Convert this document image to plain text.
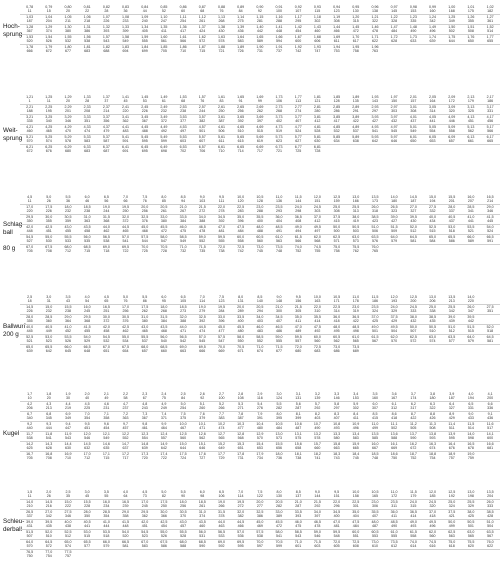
Hoch-
sprung
0,78	0,79	0,80	0,81	0,82	0,83	0,84	0,85	0,86	0,87	0,88	0,89	0,90	0,91	0,92	0,93	0,94	0,95	0,96	0,97	0,98	0,99	1,00	1,01	1,02
11	15	20	22	28	36	44	52	60	68	76	84	92	100	107	115	123	130	138	145	153	160	168	175	182
1,03	1,04	1,05	1,06	1,07	1,08	1,09	1,10	1,11	1,12	1,13	1,14	1,15	1,16	1,17	1,18	1,19	1,20	1,21	1,22	1,23	1,24	1,25	1,26	1,27
187	204	211	218	226	233	240	247	254	261	268	275	281	288	295	302	308	315	322	328	335	342	349	355	361
1,28	1,29	1,30	1,31	1,32	1,33	1,34	1,35	1,36	1,37	1,38	1,39	1,40	1,41	1,42	1,43	1,44	1,45	1,46	1,47	1,48	1,49	1,50	1,51	1,52
367	374	380	386	393	399	405	411	417	424	430	436	442	448	454	460	466	472	478	484	490	496	502	508	514
1,53	1,54	1,55	1,56	1,57	1,58	1,59	1,60	1,61	1,62	1,63	1,64	1,65	1,66	1,67	1,68	1,69	1,70	1,71	1,72	1,73	1,74	1,75	1,76	1,77
520	526	532	538	543	549	555	561	566	572	578	583	589	594	600	606	611	617	622	628	633	639	644	650	655
1,78	1,79	1,80	1,81	1,82	1,83	1,84	1,85	1,86	1,87	1,88	1,89	1,90	1,91	1,92	1,93	1,94	1,95	1,96
666	672	677	683	688	694	699	705	710	715	721	726	731	737	742	747	753	758	763
Weit-
sprung
1,21	1,25	1,29	1,33	1,37	1,41	1,45	1,49	1,53	1,57	1,61	1,65	1,69	1,73	1,77	1,81	1,85	1,89	1,93	1,97	2,01	2,05	2,09	2,13	2,17
1	11	20	28	37	45	53	61	68	76	83	91	99	106	113	121	128	135	143	150	157	164	172	179	186
2,21	2,25	2,29	2,33	2,37	2,41	2,45	2,49	2,53	2,57	2,61	2,65	2,69	2,73	2,77	2,81	2,85	2,89	2,93	2,97	3,01	3,05	3,09	3,13	3,17
188	195	201	208	214	220	226	232	238	244	250	256	262	268	274	280	286	291	297	303	308	314	320	325	331
3,21	3,25	3,29	3,33	3,37	3,41	3,45	3,49	3,53	3,57	3,61	3,65	3,69	3,73	3,77	3,81	3,85	3,89	3,93	3,97	4,01	4,05	4,09	4,13	4,17
335	340	346	351	356	362	367	372	377	382	387	392	397	402	407	412	417	422	427	432	437	441	446	451	456
4,21	4,25	4,29	4,33	4,37	4,41	4,45	4,49	4,53	4,57	4,61	4,65	4,69	4,73	4,77	4,81	4,85	4,89	4,93	4,97	5,01	5,05	5,09	5,13	5,17
460	465	470	474	479	483	488	492	497	501	506	510	515	519	524	528	532	537	541	545	549	554	558	562	566
5,21	5,25	5,29	5,33	5,37	5,41	5,45	5,49	5,53	5,57	5,61	5,65	5,69	5,73	5,77	5,81	5,85	5,89	5,93	5,97	6,01	6,05	6,09	6,13	6,17
570	574	578	583	587	591	595	599	603	607	611	615	619	623	627	630	634	638	642	646	650	653	657	661	665
6,21	6,25	6,29	6,33	6,37	6,41	6,45	6,49	6,53	6,57	6,61	6,65	6,69	6,73	6,77	6,81
672	676	680	683	687	691	695	698	702	706	710	714	717	721	725	728
Schlag-
ball

80 g
4,5	5,0	5,5	6,0	6,5	7,0	7,5	8,0	8,5	9,0	9,5	10,0	10,5	11,0	11,5	12,0	12,5	13,0	13,5	14,0	14,5	15,0	15,5	16,0	16,5
11	26	36	46	56	66	76	85	94	103	111	120	128	136	144	151	159	166	173	180	187	194	201	207	214
17,0	17,5	18,0	18,5	19,0	19,5	20,0	20,5	21,0	21,5	22,0	22,5	23,0	23,5	24,0	24,5	25,0	25,5	26,0	26,5	27,0	27,5	28,0	28,5	29,0
220	226	232	238	244	250	256	261	267	272	278	283	288	293	298	303	308	313	318	323	327	332	337	341	346
29,5	30,0	30,5	31,0	31,5	32,0	32,5	33,0	33,5	34,0	34,5	35,0	35,5	36,0	36,5	37,0	37,5	38,0	38,5	39,0	39,5	40,0	40,5	41,0	41,5
350	355	359	363	368	372	376	380	384	388	392	396	400	404	408	412	415	419	423	427	430	434	437	441	445
42,0	42,5	43,0	43,5	44,0	44,5	45,0	45,5	46,0	46,5	47,0	47,5	48,0	48,5	49,0	49,5	50,0	50,5	51,0	51,5	52,0	52,5	53,0	53,5	54,0
448	451	455	458	462	465	468	472	475	478	481	484	488	491	494	497	500	503	506	509	512	515	518	521	524
54,5	55,0	55,5	56,0	56,5	57,0	57,5	58,0	58,5	59,0	59,5	60,0	60,5	61,0	61,5	62,0	62,5	63,0	63,5	64,0	64,5	65,0	65,5	66,0	66,5
527	530	533	535	538	541	544	547	549	552	555	558	560	563	566	568	571	573	576	579	581	584	586	589	591
67,0	67,5	68,0	68,5	69,0	69,5	70,0	70,5	71,0	71,5	72,0	72,5	73,0	73,5	74,0	74,5	75,0	75,5	76,0
705	708	712	715	718	722	725	728	732	735	738	742	745	748	752	755	758	762	765
Ballwurf
200 g
2,5	3,0	3,5	4,0	4,5	5,0	5,5	6,0	6,5	7,0	7,5	8,0	8,5	9,0	9,5	10,0	10,5	11,0	11,5	12,0	12,5	13,0	13,5	14,0
18	31	43	54	65	76	86	95	105	114	123	131	140	148	156	163	171	178	186	193	200	206	213	220
14,5	15,0	15,5	16,0	16,5	17,0	17,5	18,0	18,5	19,0	19,5	20,0	20,5	21,0	21,5	22,0	22,5	23,0	23,5	24,0	24,5	25,0	25,5	26,0	27,5
226	232	238	245	251	256	262	268	273	279	284	289	294	300	305	310	314	319	324	329	333	338	342	347	351
28,0	28,5	29,0	29,5	30,0	30,5	31,0	31,5	32,0	32,5	33,0	33,5	34,0	34,5	35,0	35,5	36,0	36,5	37,0	37,5	38,0	38,5	39,0	39,5
355	360	364	368	372	376	380	384	388	392	396	400	403	407	411	414	418	422	425	429	432	435	439	442
40,0	40,5	41,0	41,5	42,0	42,5	43,0	43,5	44,0	44,5	45,0	45,5	46,0	46,5	47,0	47,5	48,0	48,5	49,0	49,5	50,0	50,5	51,0	51,5	52,0
445	449	452	455	458	462	465	468	471	474	477	480	483	486	489	492	495	498	501	504	507	510	512	515	518
52,5	53,0	53,5	54,0	54,5	55,0	55,5	56,0	56,5	57,0	57,5	58,0	58,5	59,0	59,5	60,0	60,5	61,0	61,5	62,0	62,5	63,0	63,5	64,0	64,5
521	523	526	529	532	534	537	540	542	545	547	550	552	555	557	560	562	565	567	570	572	574	577	579	581
65,0	65,5	66,0	66,5	67,0	67,5	68,0	68,5	69,0	69,5	70,0	70,5	71,0	71,5	72,0	72,5	73,0	73,5
639	642	645	648	651	654	657	660	663	666	669	671	674	677	680	683	686	689
Kugel
1,7	1,8	1,9	2,0	2,1	2,2	2,3	2,4	2,5	2,6	2,7	2,8	2,9	3,0	3,1	3,2	3,3	3,4	3,5	3,6	3,7	3,8	3,9	4,0	4,1
10	20	30	40	49	58	67	75	84	92	100	108	116	124	131	139	146	153	160	167	174	180	187	194	200
4,2	4,3	4,4	4,5	4,6	4,7	4,8	4,9	5,0	5,1	5,2	5,3	5,4	5,5	5,6	5,7	5,8	5,9	6,0	6,1	6,2	6,3	6,4	6,5	6,6
206	213	219	225	231	237	243	249	254	260	266	271	276	282	287	292	297	302	307	312	317	322	327	331	336
6,7	6,8	6,9	7,0	7,1	7,2	7,3	7,4	7,5	7,6	7,7	7,8	7,9	8,0	8,1	8,2	8,3	8,4	8,5	8,6	8,7	8,8	8,9	9,0	9,1
340	345	349	354	358	363	367	371	375	379	383	387	391	395	399	403	407	411	415	418	422	426	429	433	436
9,2	9,3	9,4	9,5	9,6	9,7	9,8	9,9	10,0	10,1	10,2	10,3	10,4	10,5	10,6	10,7	10,8	10,9	11,0	11,1	11,2	11,3	11,4	11,5	11,6
440	444	447	451	454	457	461	464	467	471	474	477	480	484	487	490	493	496	499	502	505	508	511	514	517
11,7	11,8	11,9	12,0	12,1	12,2	12,3	12,4	12,5	12,6	12,7	12,8	12,9	13,0	13,1	13,2	13,3	13,4	13,5	13,6	13,7	13,8	13,9	14,0	14,1
538	541	543	546	549	552	554	557	560	562	565	568	570	573	575	578	580	583	585	588	590	593	595	598	600
14,2	14,3	14,4	14,5	14,6	14,7	14,8	14,9	15,0	15,1	15,2	15,3	15,4	15,5	15,6	15,7	15,8	15,9	16,0	16,1	16,2	16,3	16,4	16,5	16,6
625	628	630	632	635	637	639	642	644	646	649	651	653	656	658	660	663	665	667	669	672	674	676	678	681
16,7	16,8	16,9	17,0	17,1	17,2	17,3	17,4	17,5	17,6	17,7	17,8	17,9	18,0	18,1	18,2	18,3	18,4	18,5	18,6	18,7	18,8	18,9	19,0
705	708	710	712	715	717	720	722	724	727	729	731	734	736	738	741	743	745	748	750	752	754	757	759
Schleu-
derball
1,5	2,0	2,5	3,0	3,5	4,0	4,5	5,0	5,5	6,0	6,5	7,0	7,5	8,0	8,5	9,0	9,5	10,0	10,5	11,0	11,5	12,0	12,5	13,0	13,5
11	26	35	45	55	64	73	82	90	98	106	114	122	130	137	144	151	158	165	172	179	185	192	198	204
14,0	14,5	15,0	15,5	16,0	16,5	17,0	17,5	18,0	18,5	19,0	19,5	20,0	20,5	21,0	21,5	22,0	22,5	23,0	23,5	24,0	24,5	25,0	25,5	26,0
210	216	222	228	234	239	245	250	256	261	266	272	277	282	287	292	296	301	306	311	315	320	324	329	333
26,5	27,0	27,5	28,0	28,5	29,0	29,5	30,0	30,5	31,0	31,5	32,0	32,5	33,0	33,5	34,0	34,5	35,0	35,5	36,0	36,5	37,0	37,5	38,0	38,5
337	342	346	350	354	358	362	366	370	374	378	382	386	389	393	397	400	404	407	411	414	418	421	425	428
39,0	39,5	40,0	40,5	41,0	41,5	42,0	42,5	43,0	43,5	44,0	44,5	45,0	45,5	46,0	46,5	47,0	47,5	48,0	48,5	49,0	49,5	50,0	50,5	51,0
431	435	438	441	444	448	451	454	457	460	463	466	469	472	475	478	481	484	487	490	493	496	499	501	504
51,5	52,0	52,5	53,0	53,5	54,0	54,5	55,0	55,5	56,0	56,5	57,0	57,5	58,0	58,5	59,0	59,5	60,0	60,5	61,0	61,5	62,0	62,5	63,0	63,5
507	510	512	515	518	520	523	526	528	531	533	536	538	541	543	546	548	551	553	555	558	560	563	565	567
64,0	64,5	65,0	65,5	66,0	66,5	67,0	67,5	68,0	68,5	69,0	69,5	70,0	70,5	71,0	71,5	72,0	72,5	73,0	73,5	74,0	74,5	75,0	75,5	76,0
570	572	574	577	579	581	583	586	588	590	592	595	597	599	601	603	605	608	610	612	614	616	618	620	622
76,5	77,0	77,5
750	754	757
